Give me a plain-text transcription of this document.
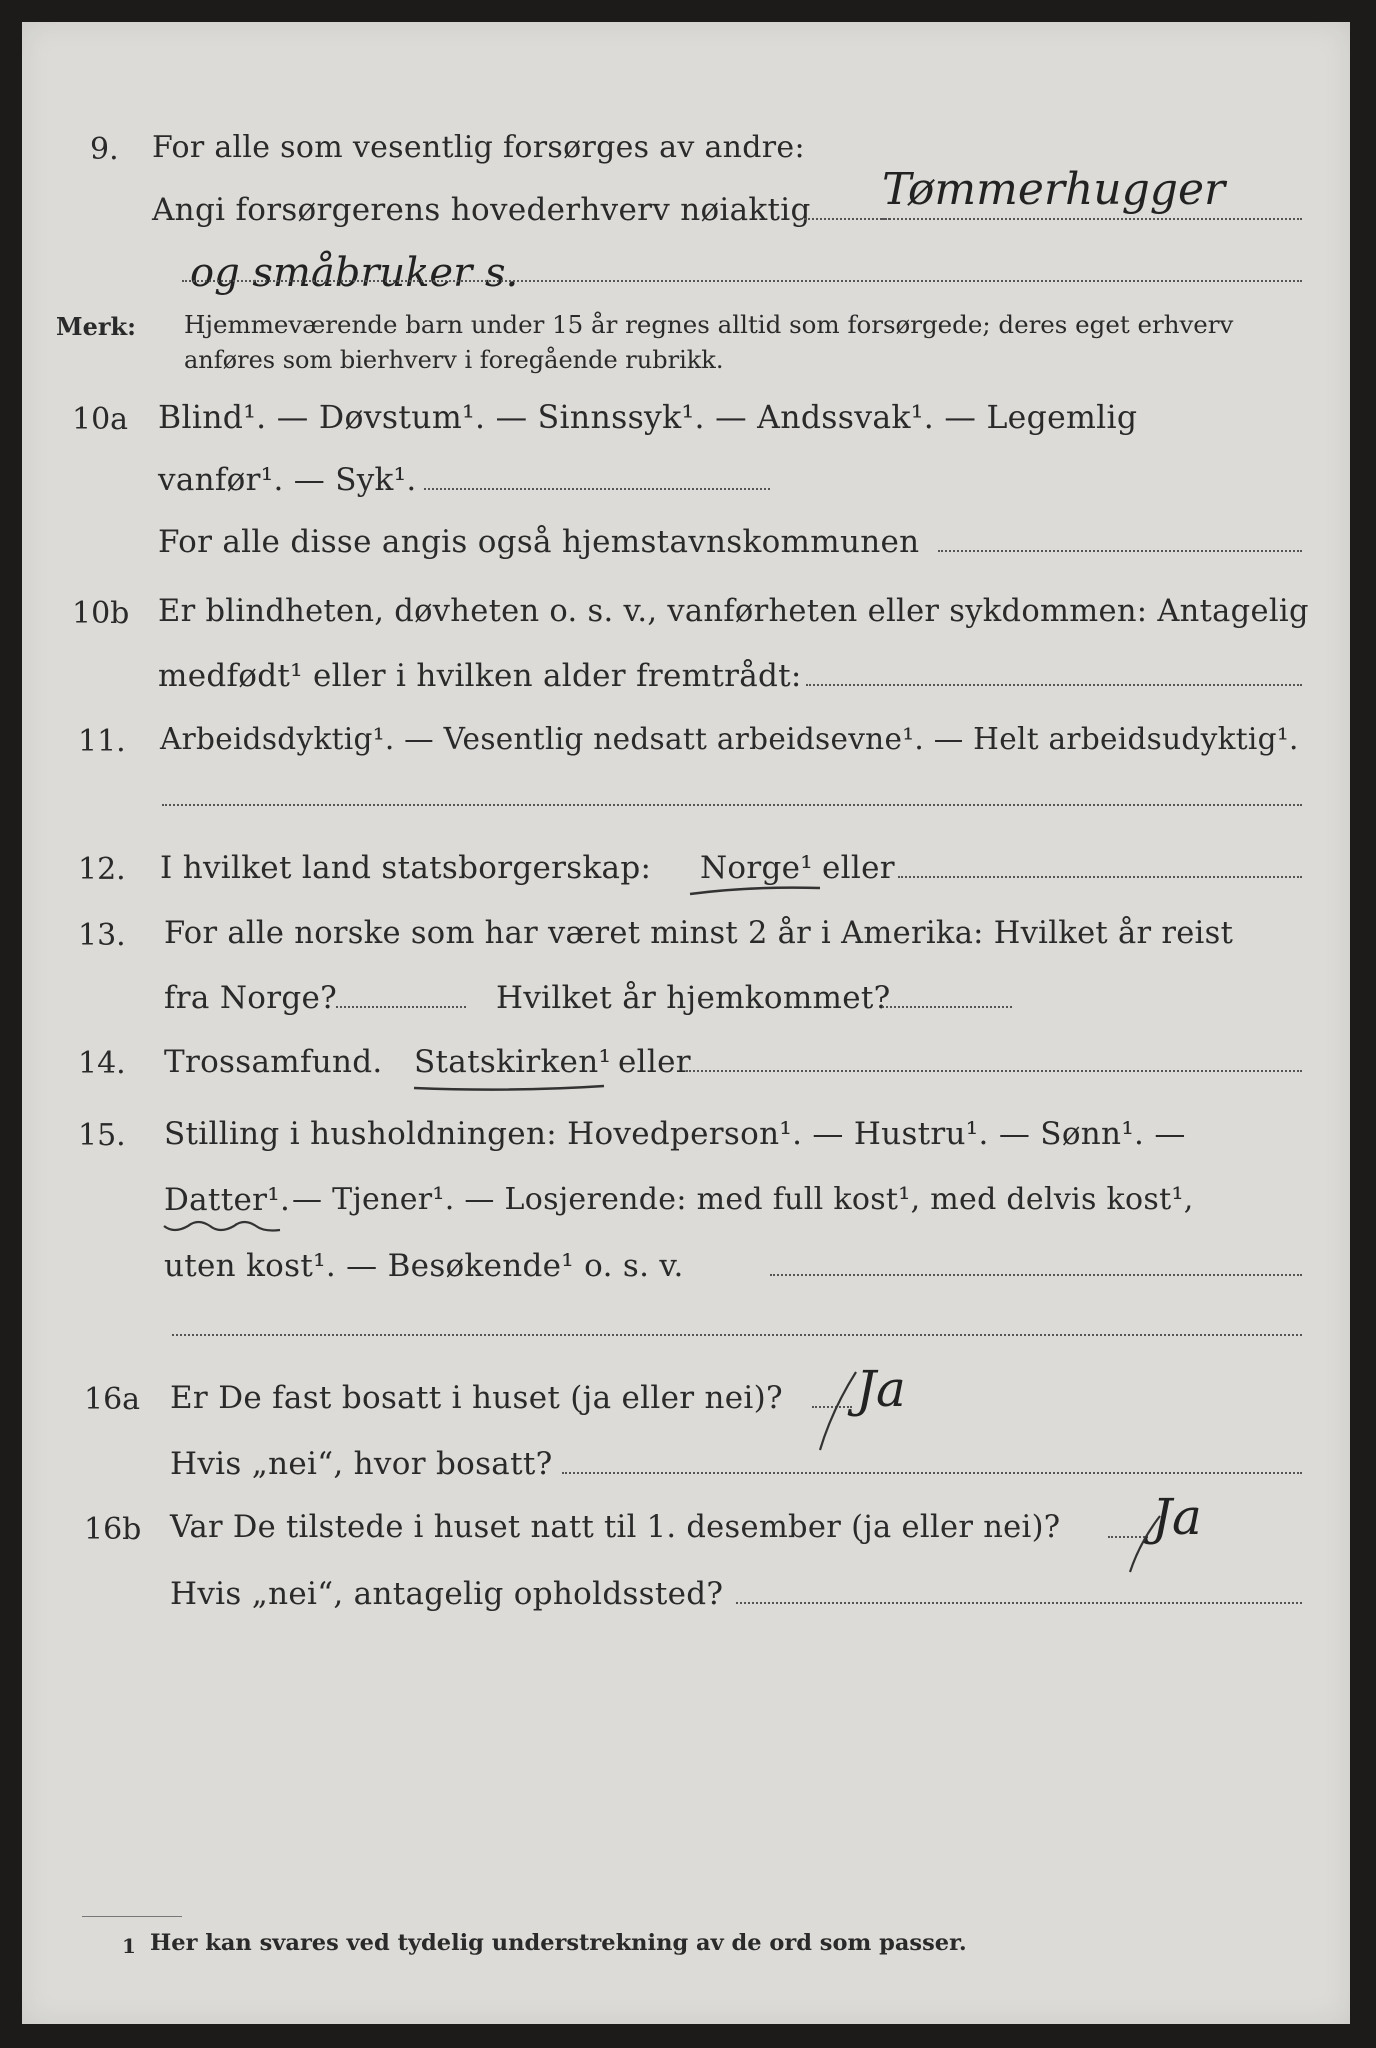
9. For alle som vesentlig forsørges av andre:
Angi forsørgerens hovederhverv nøiaktig Tømmerhugger
og småbruker s.
Merk: Hjemmeværende barn under 15 år regnes alltid som forsørgede; deres eget erhverv
anføres som bierhverv i foregående rubrikk.
10a Blind¹. — Døvstum¹. — Sinnssyk¹. — Andssvak¹. — Legemlig
vanfør¹. — Syk¹.
For alle disse angis også hjemstavnskommunen
10b Er blindheten, døvheten o. s. v., vanførheten eller sykdommen: Antagelig
medfødt¹ eller i hvilken alder fremtrådt:
11. Arbeidsdyktig¹. — Vesentlig nedsatt arbeidsevne¹. — Helt arbeidsudyktig¹.
12. I hvilket land statsborgerskap: Norge¹ eller
13. For alle norske som har været minst 2 år i Amerika: Hvilket år reist
fra Norge?	Hvilket år hjemkommet?
14. Trossamfund. Statskirken¹ eller
15. Stilling i husholdningen: Hovedperson¹. — Hustru¹. — Sønn¹. —
Datter¹. — Tjener¹. — Losjerende: med full kost¹, med delvis kost¹,
uten kost¹. — Besøkende¹ o. s. v.
16a Er De fast bosatt i huset (ja eller nei)? Ja
Hvis „nei“, hvor bosatt?
16b Var De tilstede i huset natt til 1. desember (ja eller nei)? Ja
Hvis „nei“, antagelig opholdssted?
1 Her kan svares ved tydelig understrekning av de ord som passer.
